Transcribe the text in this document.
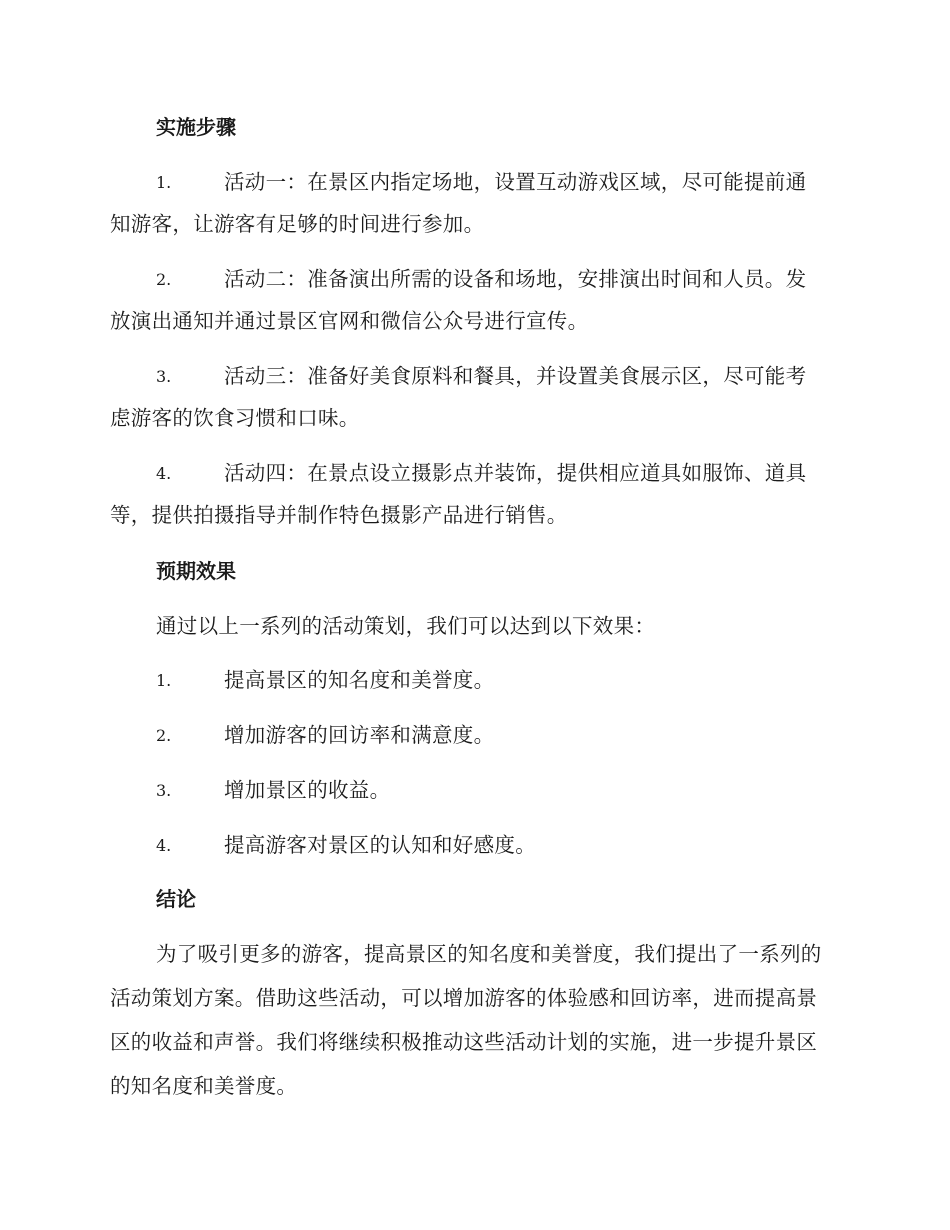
实施步骤
1.	活动一：在景区内指定场地，设置互动游戏区域，尽可能提前通
知游客，让游客有足够的时间进行参加。
2.	活动二：准备演出所需的设备和场地，安排演出时间和人员。发
放演出通知并通过景区官网和微信公众号进行宣传。
3.	活动三：准备好美食原料和餐具，并设置美食展示区，尽可能考
虑游客的饮食习惯和口味。
4.	活动四：在景点设立摄影点并装饰，提供相应道具如服饰、道具
等，提供拍摄指导并制作特色摄影产品进行销售。
预期效果
通过以上一系列的活动策划，我们可以达到以下效果：
1.	提高景区的知名度和美誉度。
2.	增加游客的回访率和满意度。
3.	增加景区的收益。
4.	提高游客对景区的认知和好感度。
结论
为了吸引更多的游客，提高景区的知名度和美誉度，我们提出了一系列的活动策划方案。借助这些活动，可以增加游客的体验感和回访率，进而提高景区的收益和声誉。我们将继续积极推动这些活动计划的实施，进一步提升景区的知名度和美誉度。
